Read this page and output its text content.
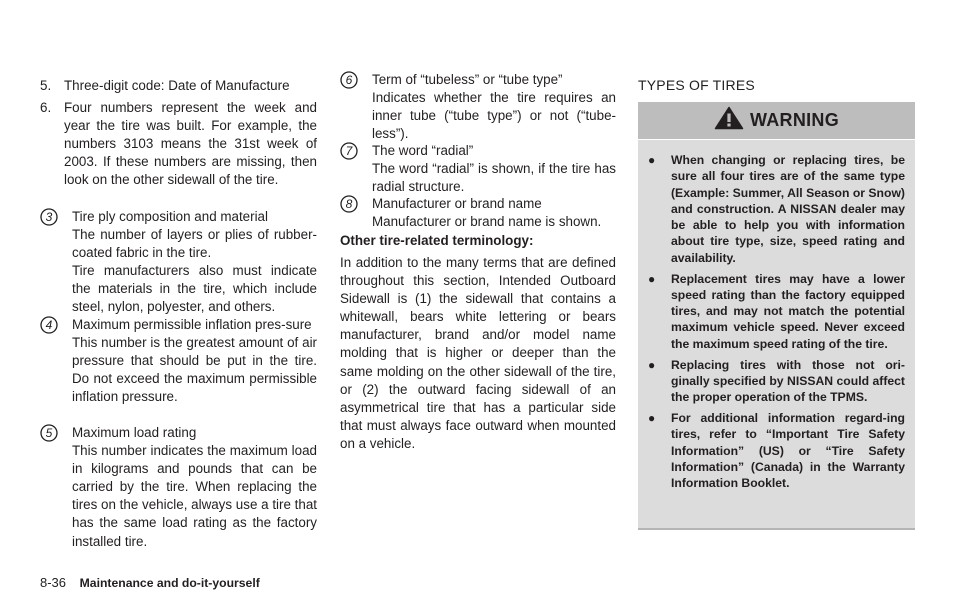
5. Three-digit code: Date of Manufacture
6. Four numbers represent the week and year the tire was built. For example, the numbers 3103 means the 31st week of 2003. If these numbers are missing, then look on the other sidewall of the tire.
3 Tire ply composition and material
The number of layers or plies of rubber-coated fabric in the tire.
Tire manufacturers also must indicate the materials in the tire, which include steel, nylon, polyester, and others.
4 Maximum permissible inflation pres-sure
This number is the greatest amount of air pressure that should be put in the tire. Do not exceed the maximum permissible inflation pressure.
5 Maximum load rating
This number indicates the maximum load in kilograms and pounds that can be carried by the tire. When replacing the tires on the vehicle, always use a tire that has the same load rating as the factory installed tire.
6 Term of “tubeless” or “tube type”
Indicates whether the tire requires an inner tube (“tube type”) or not (“tube-less”).
7 The word “radial”
The word “radial” is shown, if the tire has radial structure.
8 Manufacturer or brand name
Manufacturer or brand name is shown.
Other tire-related terminology:
In addition to the many terms that are defined throughout this section, Intended Outboard Sidewall is (1) the sidewall that contains a whitewall, bears white lettering or bears manufacturer, brand and/or model name molding that is higher or deeper than the same molding on the other sidewall of the tire, or (2) the outward facing sidewall of an asymmetrical tire that has a particular side that must always face outward when mounted on a vehicle.
TYPES OF TIRES
WARNING
● When changing or replacing tires, be sure all four tires are of the same type (Example: Summer, All Season or Snow) and construction. A NISSAN dealer may be able to help you with information about tire type, size, speed rating and availability.
● Replacement tires may have a lower speed rating than the factory equipped tires, and may not match the potential maximum vehicle speed. Never exceed the maximum speed rating of the tire.
● Replacing tires with those not ori-ginally specified by NISSAN could affect the proper operation of the TPMS.
● For additional information regard-ing tires, refer to “Important Tire Safety Information” (US) or “Tire Safety Information” (Canada) in the Warranty Information Booklet.
8-36 Maintenance and do-it-yourself
